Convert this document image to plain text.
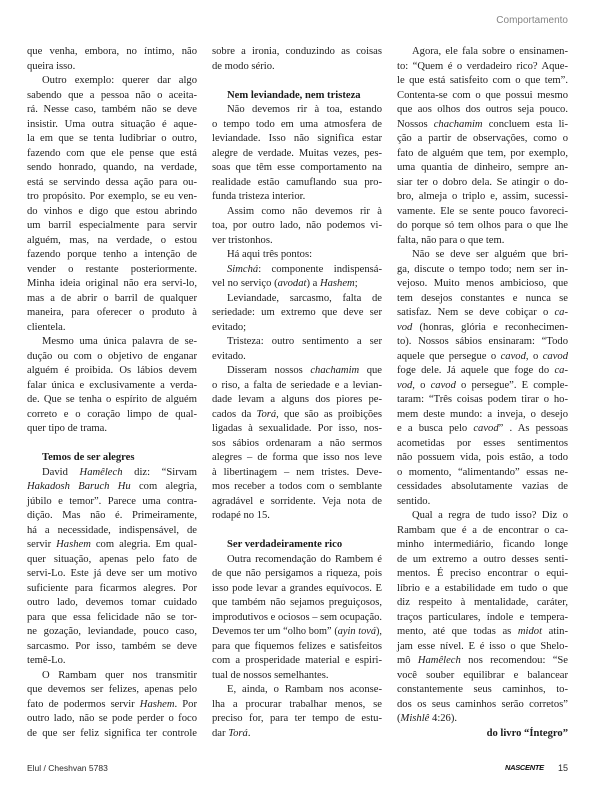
Comportamento
que venha, embora, no íntimo, não
queira isso.
Outro exemplo: querer dar algo
sabendo que a pessoa não o aceita-
rá. Nesse caso, também não se deve
insistir. Uma outra situação é aque-
la em que se tenta ludibriar o outro,
fazendo com que ele pense que está
sendo honrado, quando, na verdade,
está se servindo dessa ação para ou-
tro propósito. Por exemplo, se eu ven-
do vinhos e digo que estou abrindo
um barril especialmente para servir
alguém, mas, na verdade, o estou
fazendo porque tenho a intenção de
vender o restante posteriormente.
Minha ideia original não era servi-lo,
mas a de abrir o barril de qualquer
maneira, para oferecer o produto à
clientela.
Mesmo uma única palavra de se-
dução ou com o objetivo de enganar
alguém é proibida. Os lábios devem
falar única e exclusivamente a verda-
de. Que se tenha o espírito de alguém
correto e o coração limpo de qual-
quer tipo de trama.
Temos de ser alegres
David Hamêlech diz: “Sirvam
Hakadosh Baruch Hu com alegria,
júbilo e temor”. Parece uma contra-
dição. Mas não é. Primeiramente,
há a necessidade, indispensável, de
servir Hashem com alegria. Em qual-
quer situação, apenas pelo fato de
servi-Lo. Este já deve ser um motivo
suficiente para ficarmos alegres. Por
outro lado, devemos tomar cuidado
para que essa felicidade não se tor-
ne gozação, leviandade, pouco caso,
sarcasmo. Por isso, também se deve
temê-Lo.
O Rambam quer nos transmitir
que devemos ser felizes, apenas pelo
fato de podermos servir Hashem. Por
outro lado, não se pode perder o foco
de que ser feliz significa ter controle
sobre a ironia, conduzindo as coisas
de modo sério.
Nem leviandade, nem tristeza
Não devemos rir à toa, estando
o tempo todo em uma atmosfera de
leviandade. Isso não significa estar
alegre de verdade. Muitas vezes, pes-
soas que têm esse comportamento na
realidade estão camuflando sua pro-
funda tristeza interior.
Assim como não devemos rir à
toa, por outro lado, não podemos vi-
ver tristonhos.
Há aqui três pontos:
Simchá: componente indispensá-
vel no serviço (avodat) a Hashem;
Leviandade, sarcasmo, falta de
seriedade: um extremo que deve ser
evitado;
Tristeza: outro sentimento a ser
evitado.
Disseram nossos chachamim que
o riso, a falta de seriedade e a levian-
dade levam a alguns dos piores pe-
cados da Torá, que são as proibições
ligadas à sexualidade. Por isso, nos-
sos sábios ordenaram a não sermos
alegres – de forma que isso nos leve
à libertinagem – nem tristes. Deve-
mos receber a todos com o semblante
agradável e sorridente. Veja nota de
rodapé no 15.
Ser verdadeiramente rico
Outra recomendação do Rambem é
de que não persigamos a riqueza, pois
isso pode levar a grandes equívocos. E
que também não sejamos preguiçosos,
improdutivos e ociosos – sem ocupação.
Devemos ter um “olho bom” (ayin tová),
para que fiquemos felizes e satisfeitos
com a prosperidade material e espiri-
tual de nossos semelhantes.
E, ainda, o Rambam nos aconse-
lha a procurar trabalhar menos, se
preciso for, para ter tempo de estu-
dar Torá.
Agora, ele fala sobre o ensinamen-
to: “Quem é o verdadeiro rico? Aque-
le que está satisfeito com o que tem”.
Contenta-se com o que possui mesmo
que aos olhos dos outros seja pouco.
Nossos chachamim concluem esta li-
ção a partir de observações, como o
fato de alguém que tem, por exemplo,
uma quantia de dinheiro, sempre an-
siar ter o dobro dela. Se atingir o do-
bro, almeja o triplo e, assim, sucessi-
vamente. Ele se sente pouco favoreci-
do porque só tem olhos para o que lhe
falta, não para o que tem.
Não se deve ser alguém que bri-
ga, discute o tempo todo; nem ser in-
vejoso. Muito menos ambicioso, que
tem desejos constantes e nunca se
satisfaz. Nem se deve cobiçar o ca-
vod (honras, glória e reconhecimen-
to). Nossos sábios ensinaram: “Todo
aquele que persegue o cavod, o cavod
foge dele. Já aquele que foge do ca-
vod, o cavod o persegue”. E comple-
taram: “Três coisas podem tirar o ho-
mem deste mundo: a inveja, o desejo
e a busca pelo cavod” . As pessoas
acometidas por esses sentimentos
não possuem vida, pois estão, a todo
o momento, “alimentando” essas ne-
cessidades absolutamente vazias de
sentido.
Qual a regra de tudo isso? Diz o
Rambam que é a de encontrar o ca-
minho intermediário, ficando longe
de um extremo a outro desses senti-
mentos. É preciso encontrar o equi-
líbrio e a estabilidade em tudo o que
diz respeito à mentalidade, caráter,
traços particulares, índole e tempera-
mento, até que todas as midot atin-
jam esse nível. E é isso o que Shelo-
mô Hamêlech nos recomendou: “Se
você souber equilibrar e balancear
constantemente seus caminhos, to-
dos os seus caminhos serão corretos”
(Mishlê 4:26).
do livro “Íntegro”
Elul / Cheshvan 5783	NASCENTE 15
